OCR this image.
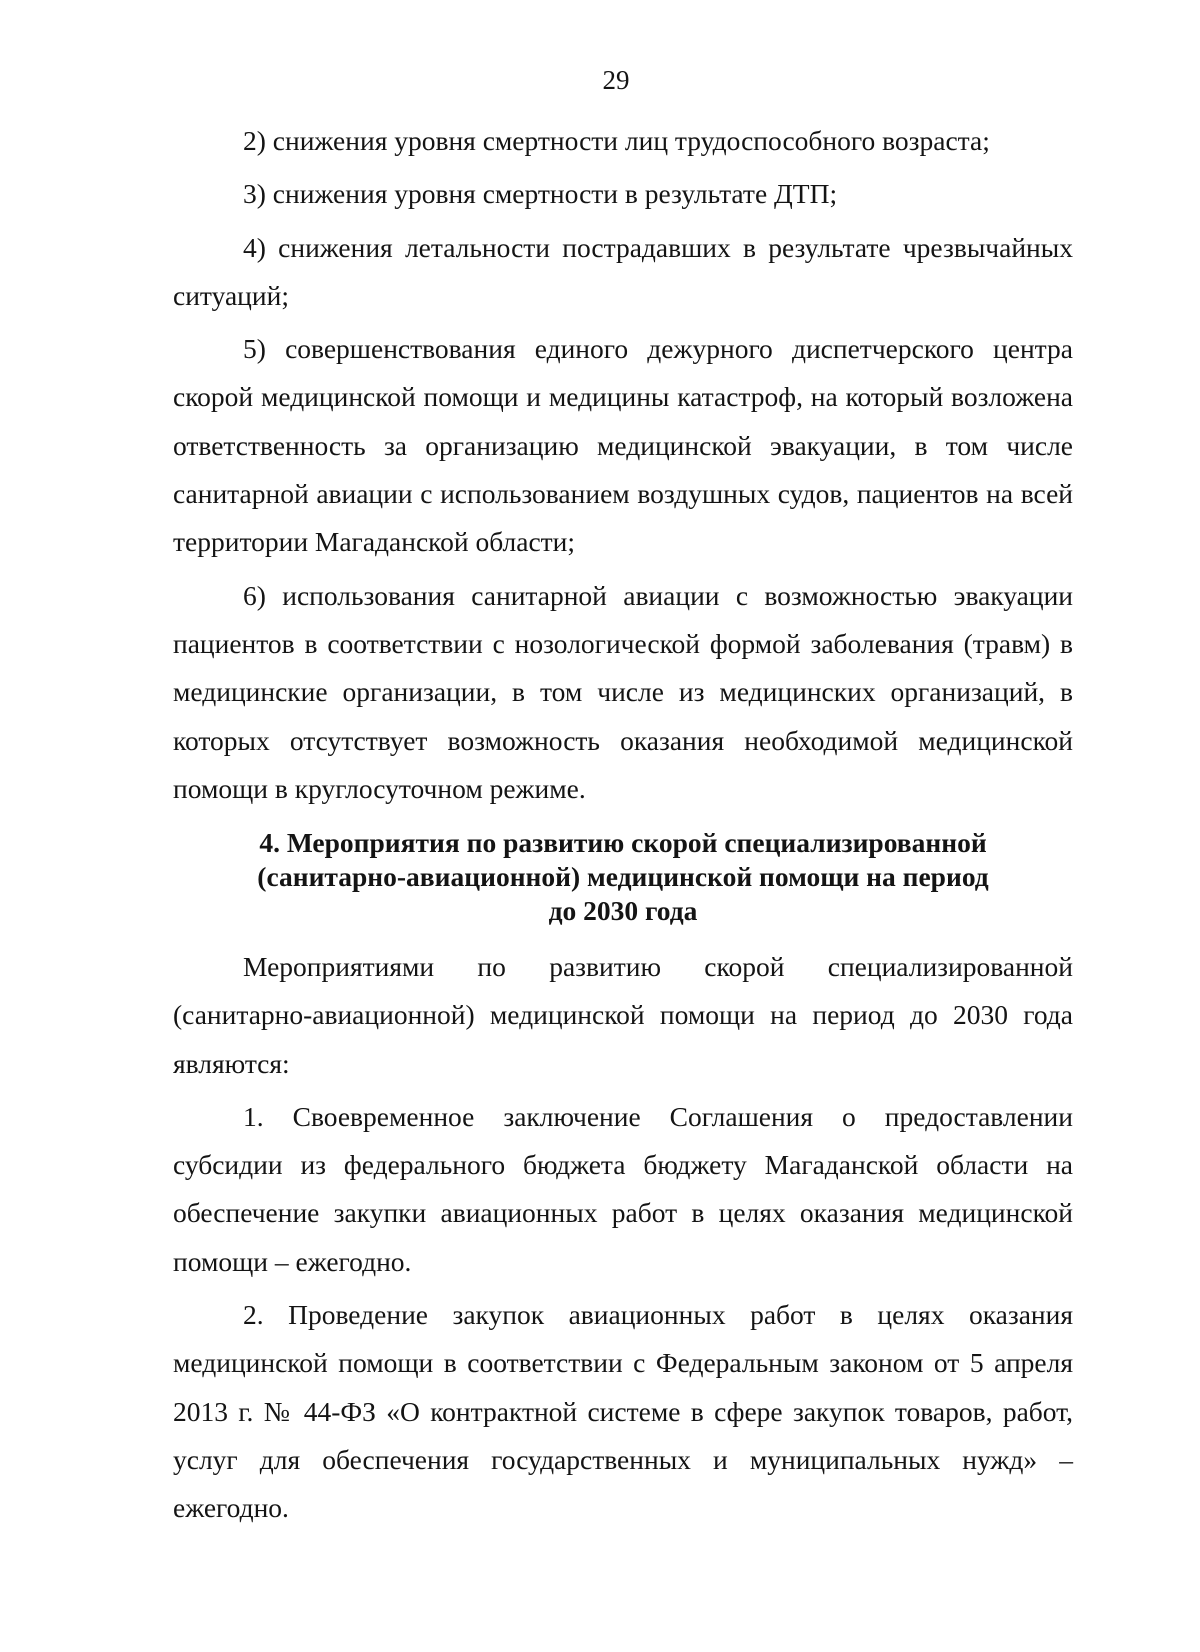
29

2) снижения уровня смертности лиц трудоспособного возраста;

3) снижения уровня смертности в результате ДТП;

4) снижения летальности пострадавших в результате чрезвычайных ситуаций;

5) совершенствования единого дежурного диспетчерского центра скорой медицинской помощи и медицины катастроф, на который возложена ответственность за организацию медицинской эвакуации, в том числе санитарной авиации с использованием воздушных судов, пациентов на всей территории Магаданской области;

6) использования санитарной авиации с возможностью эвакуации пациентов в соответствии с нозологической формой заболевания (травм) в медицинские организации, в том числе из медицинских организаций, в которых отсутствует возможность оказания необходимой медицинской помощи в круглосуточном режиме.

4. Мероприятия по развитию скорой специализированной
(санитарно-авиационной) медицинской помощи на период
до 2030 года

Мероприятиями по развитию скорой специализированной (санитарно-авиационной) медицинской помощи на период до 2030 года являются:

1. Своевременное заключение Соглашения о предоставлении субсидии из федерального бюджета бюджету Магаданской области на обеспечение закупки авиационных работ в целях оказания медицинской помощи – ежегодно.

2. Проведение закупок авиационных работ в целях оказания медицинской помощи в соответствии с Федеральным законом от 5 апреля 2013 г. № 44-ФЗ «О контрактной системе в сфере закупок товаров, работ, услуг для обеспечения государственных и муниципальных нужд» – ежегодно.
